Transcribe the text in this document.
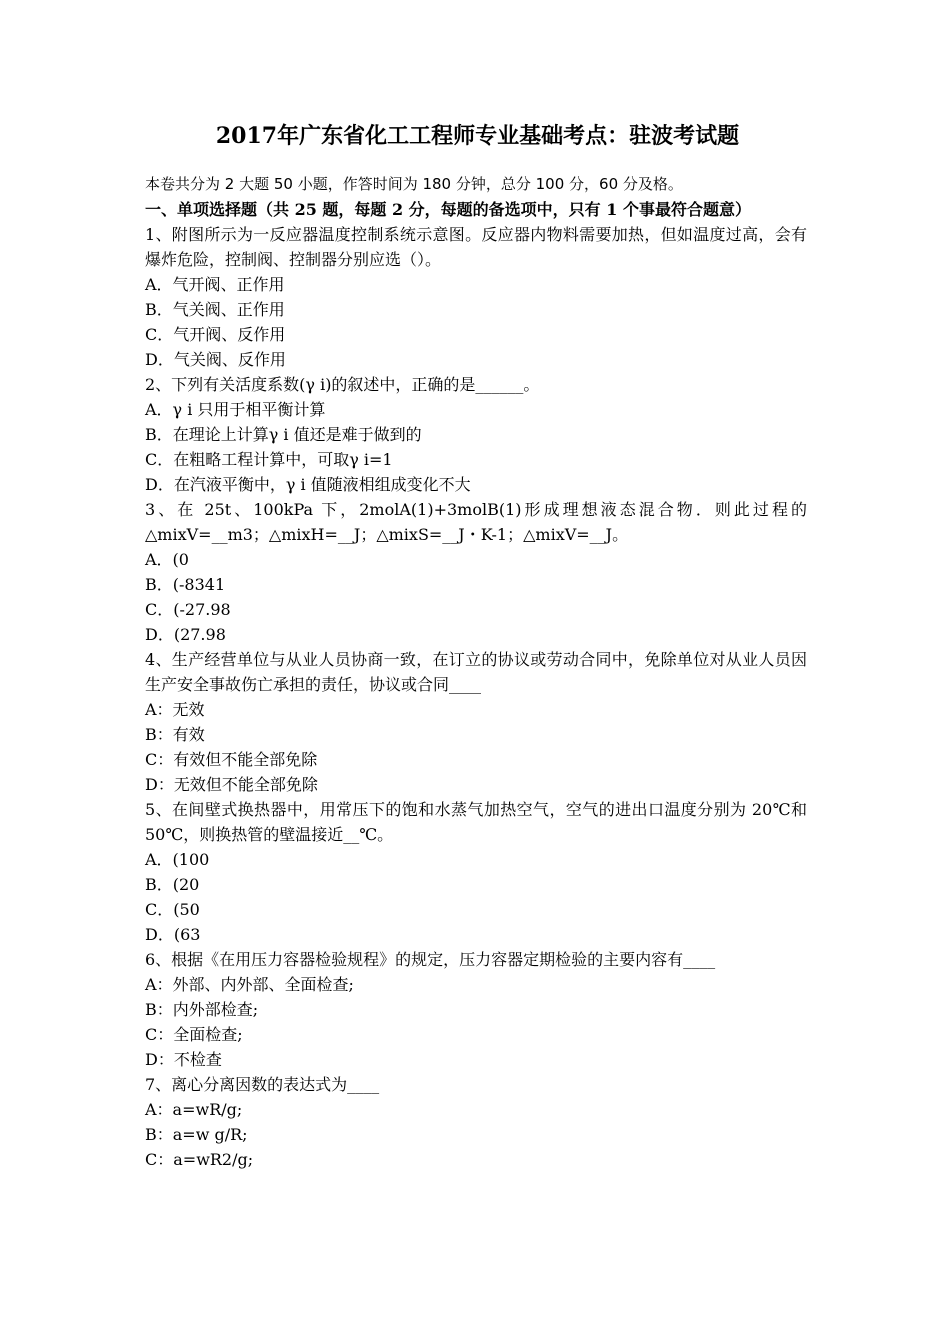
2017年广东省化工工程师专业基础考点：驻波考试题
本卷共分为 2 大题 50 小题，作答时间为 180 分钟，总分 100 分，60 分及格。
一、单项选择题（共 25 题，每题 2 分，每题的备选项中，只有 1 个事最符合题意）
1、附图所示为一反应器温度控制系统示意图。反应器内物料需要加热，但如温度过高，会有爆炸危险，控制阀、控制器分别应选（）。
A．气开阀、正作用
B．气关阀、正作用
C．气开阀、反作用
D．气关阀、反作用
2、下列有关活度系数(γ i)的叙述中，正确的是______。
A．γ i 只用于相平衡计算
B．在理论上计算γ i 值还是难于做到的
C．在粗略工程计算中，可取γ i=1
D．在汽液平衡中，γ i 值随液相组成变化不大
3、在 25t、100kPa 下，2molA(1)+3molB(1)形成理想液态混合物．则此过程的△mixV=__m3；△mixH=__J；△mixS=__J・K-1；△mixV=__J。
A．(0
B．(-8341
C．(-27.98
D．(27.98
4、生产经营单位与从业人员协商一致，在订立的协议或劳动合同中，免除单位对从业人员因生产安全事故伤亡承担的责任，协议或合同____
A：无效
B：有效
C：有效但不能全部免除
D：无效但不能全部免除
5、在间壁式换热器中，用常压下的饱和水蒸气加热空气，空气的进出口温度分别为 20℃和 50℃，则换热管的壁温接近__℃。
A．(100
B．(20
C．(50
D．(63
6、根据《在用压力容器检验规程》的规定，压力容器定期检验的主要内容有____
A：外部、内外部、全面检查;
B：内外部检查;
C：全面检查;
D：不检查
7、离心分离因数的表达式为____
A：a=wR/g;
B：a=w g/R;
C：a=wR2/g;
